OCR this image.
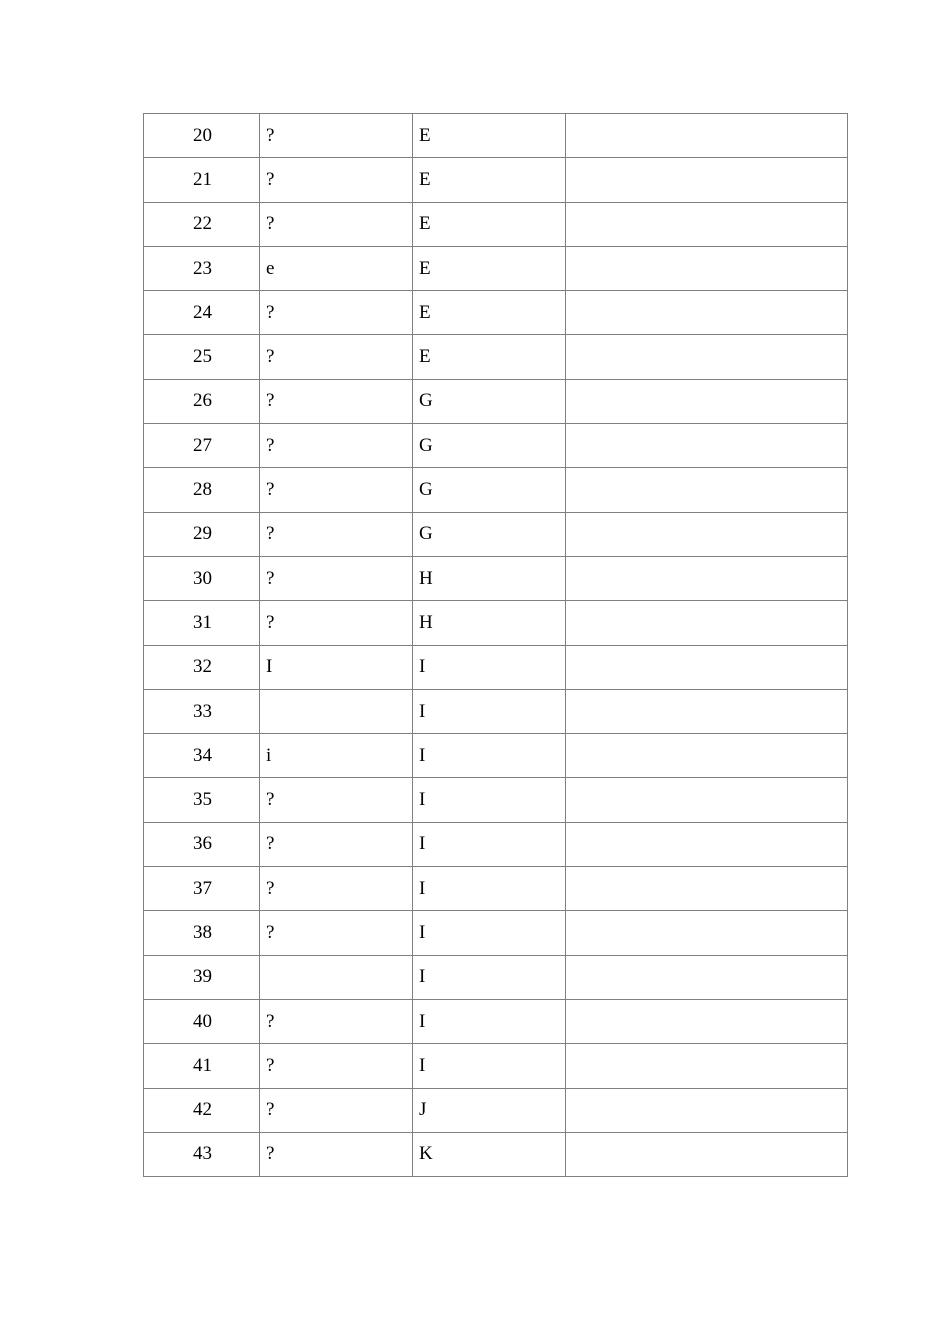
20	?	E	
21	?	E	
22	?	E	
23	e	E	
24	?	E	
25	?	E	
26	?	G	
27	?	G	
28	?	G	
29	?	G	
30	?	H	
31	?	H	
32	I	I	
33		I	
34	i	I	
35	?	I	
36	?	I	
37	?	I	
38	?	I	
39		I	
40	?	I	
41	?	I	
42	?	J	
43	?	K	
